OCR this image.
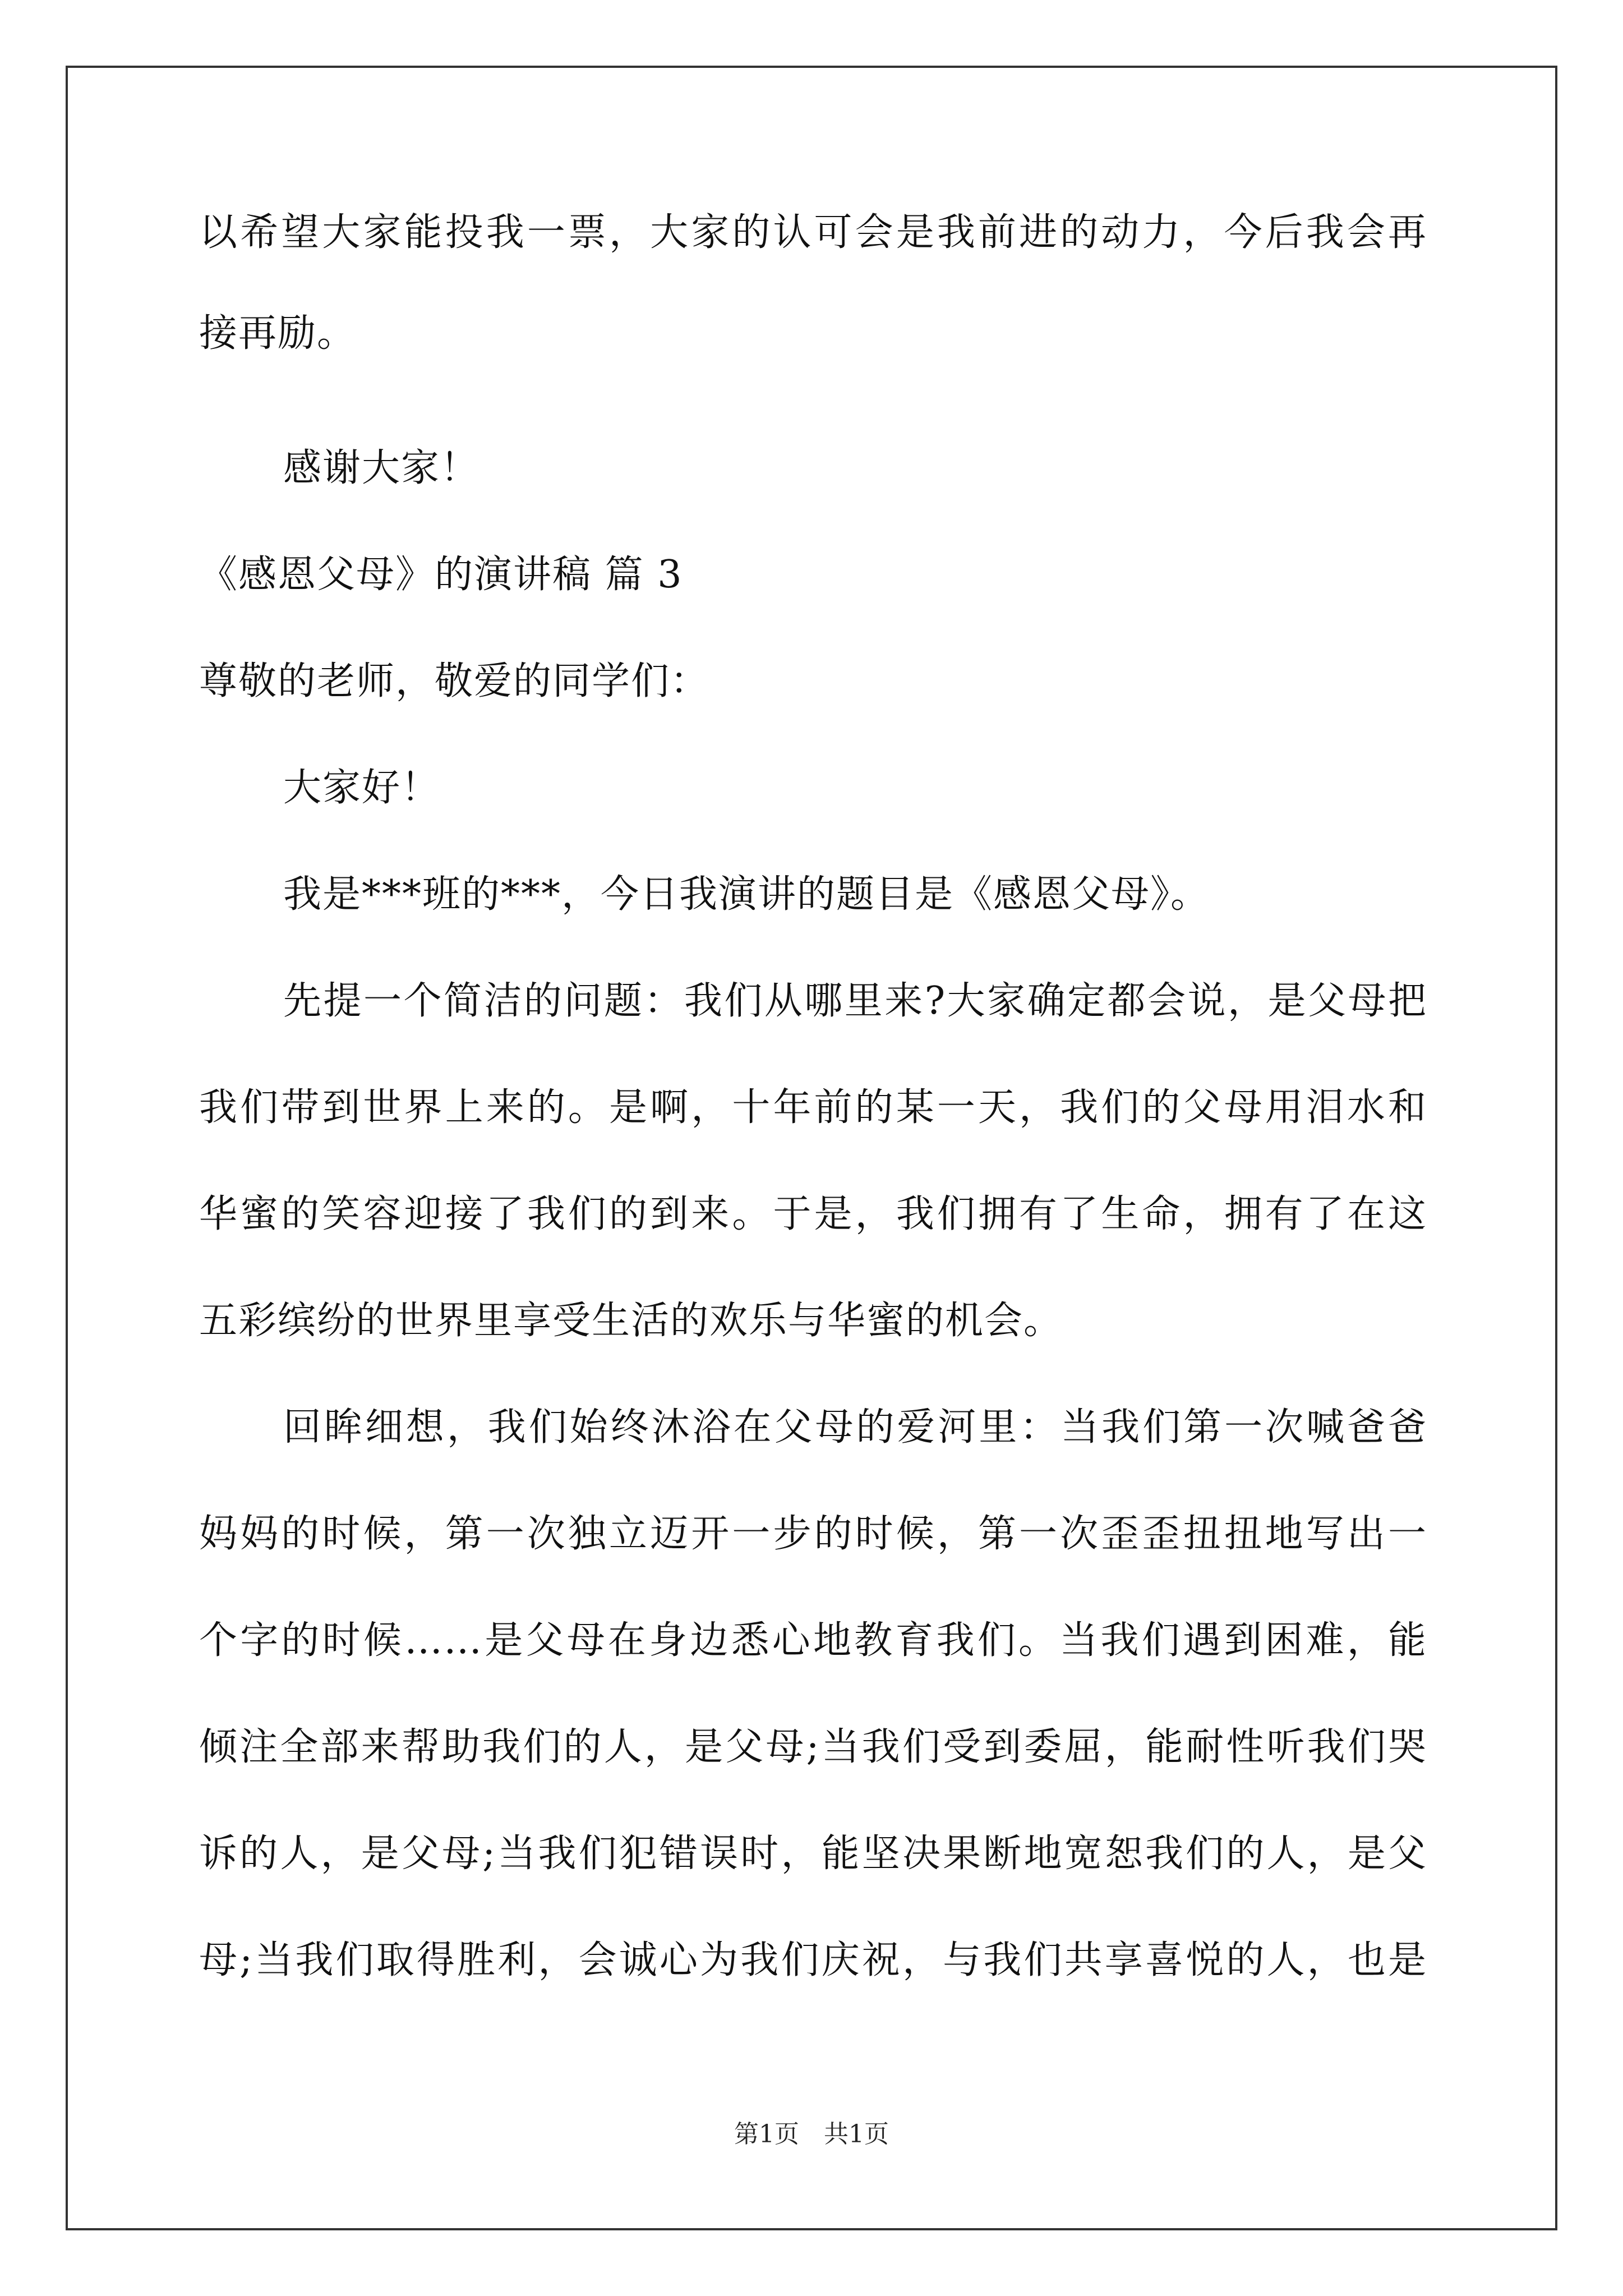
以希望大家能投我一票，大家的认可会是我前进的动力，今后我会再
接再励。
感谢大家！
《感恩父母》的演讲稿 篇 3
尊敬的老师，敬爱的同学们：
大家好！
我是***班的***，今日我演讲的题目是《感恩父母》。
先提一个简洁的问题：我们从哪里来?大家确定都会说，是父母把
我们带到世界上来的。是啊，十年前的某一天，我们的父母用泪水和
华蜜的笑容迎接了我们的到来。于是，我们拥有了生命，拥有了在这
五彩缤纷的世界里享受生活的欢乐与华蜜的机会。
回眸细想，我们始终沐浴在父母的爱河里：当我们第一次喊爸爸
妈妈的时候，第一次独立迈开一步的时候，第一次歪歪扭扭地写出一
个字的时候……是父母在身边悉心地教育我们。当我们遇到困难，能
倾注全部来帮助我们的人，是父母;当我们受到委屈，能耐性听我们哭
诉的人，是父母;当我们犯错误时，能坚决果断地宽恕我们的人，是父
母;当我们取得胜利，会诚心为我们庆祝，与我们共享喜悦的人，也是
第1页 共1页
